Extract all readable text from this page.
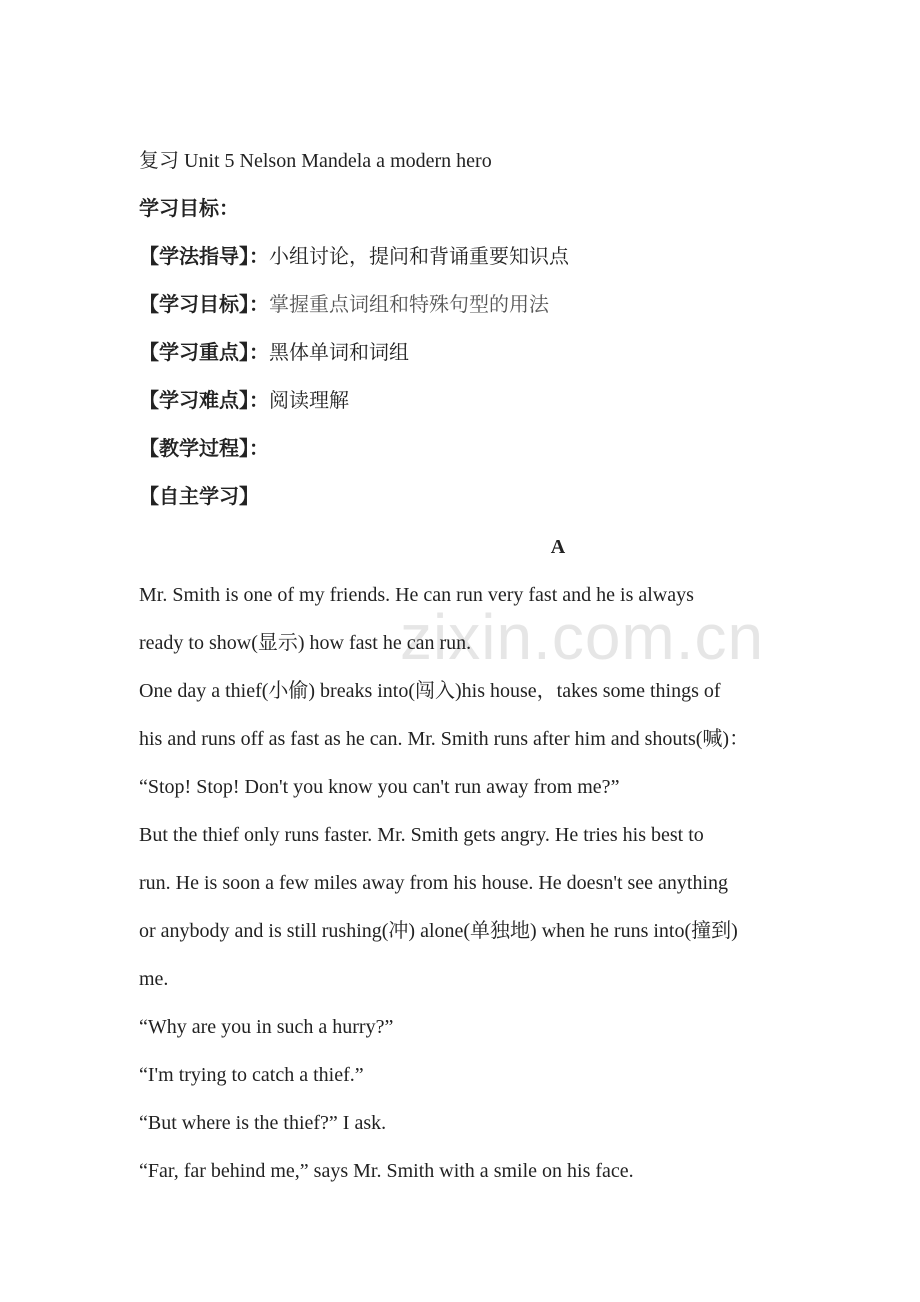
zixin.com.cn
复习 Unit 5 Nelson Mandela a modern hero
学习目标：
【学法指导】：小组讨论，提问和背诵重要知识点
【学习目标】：掌握重点词组和特殊句型的用法
【学习重点】：黑体单词和词组
【学习难点】：阅读理解
【教学过程】：
【自主学习】
A
Mr. Smith is one of my friends. He can run very fast and he is always
ready to show(显示) how fast he can run.
One day a thief(小偷) breaks into(闯入)his house，takes some things of
his and runs off as fast as he can. Mr. Smith runs after him and shouts(喊)：
“Stop! Stop! Don't you know you can't run away from me?”
But the thief only runs faster. Mr. Smith gets angry. He tries his best to
run. He is soon a few miles away from his house. He doesn't see anything
or anybody and is still rushing(冲) alone(单独地) when he runs into(撞到)
me.
“Why are you in such a hurry?”
“I'm trying to catch a thief.”
“But where is the thief?” I ask.
“Far, far behind me,” says Mr. Smith with a smile on his face.
